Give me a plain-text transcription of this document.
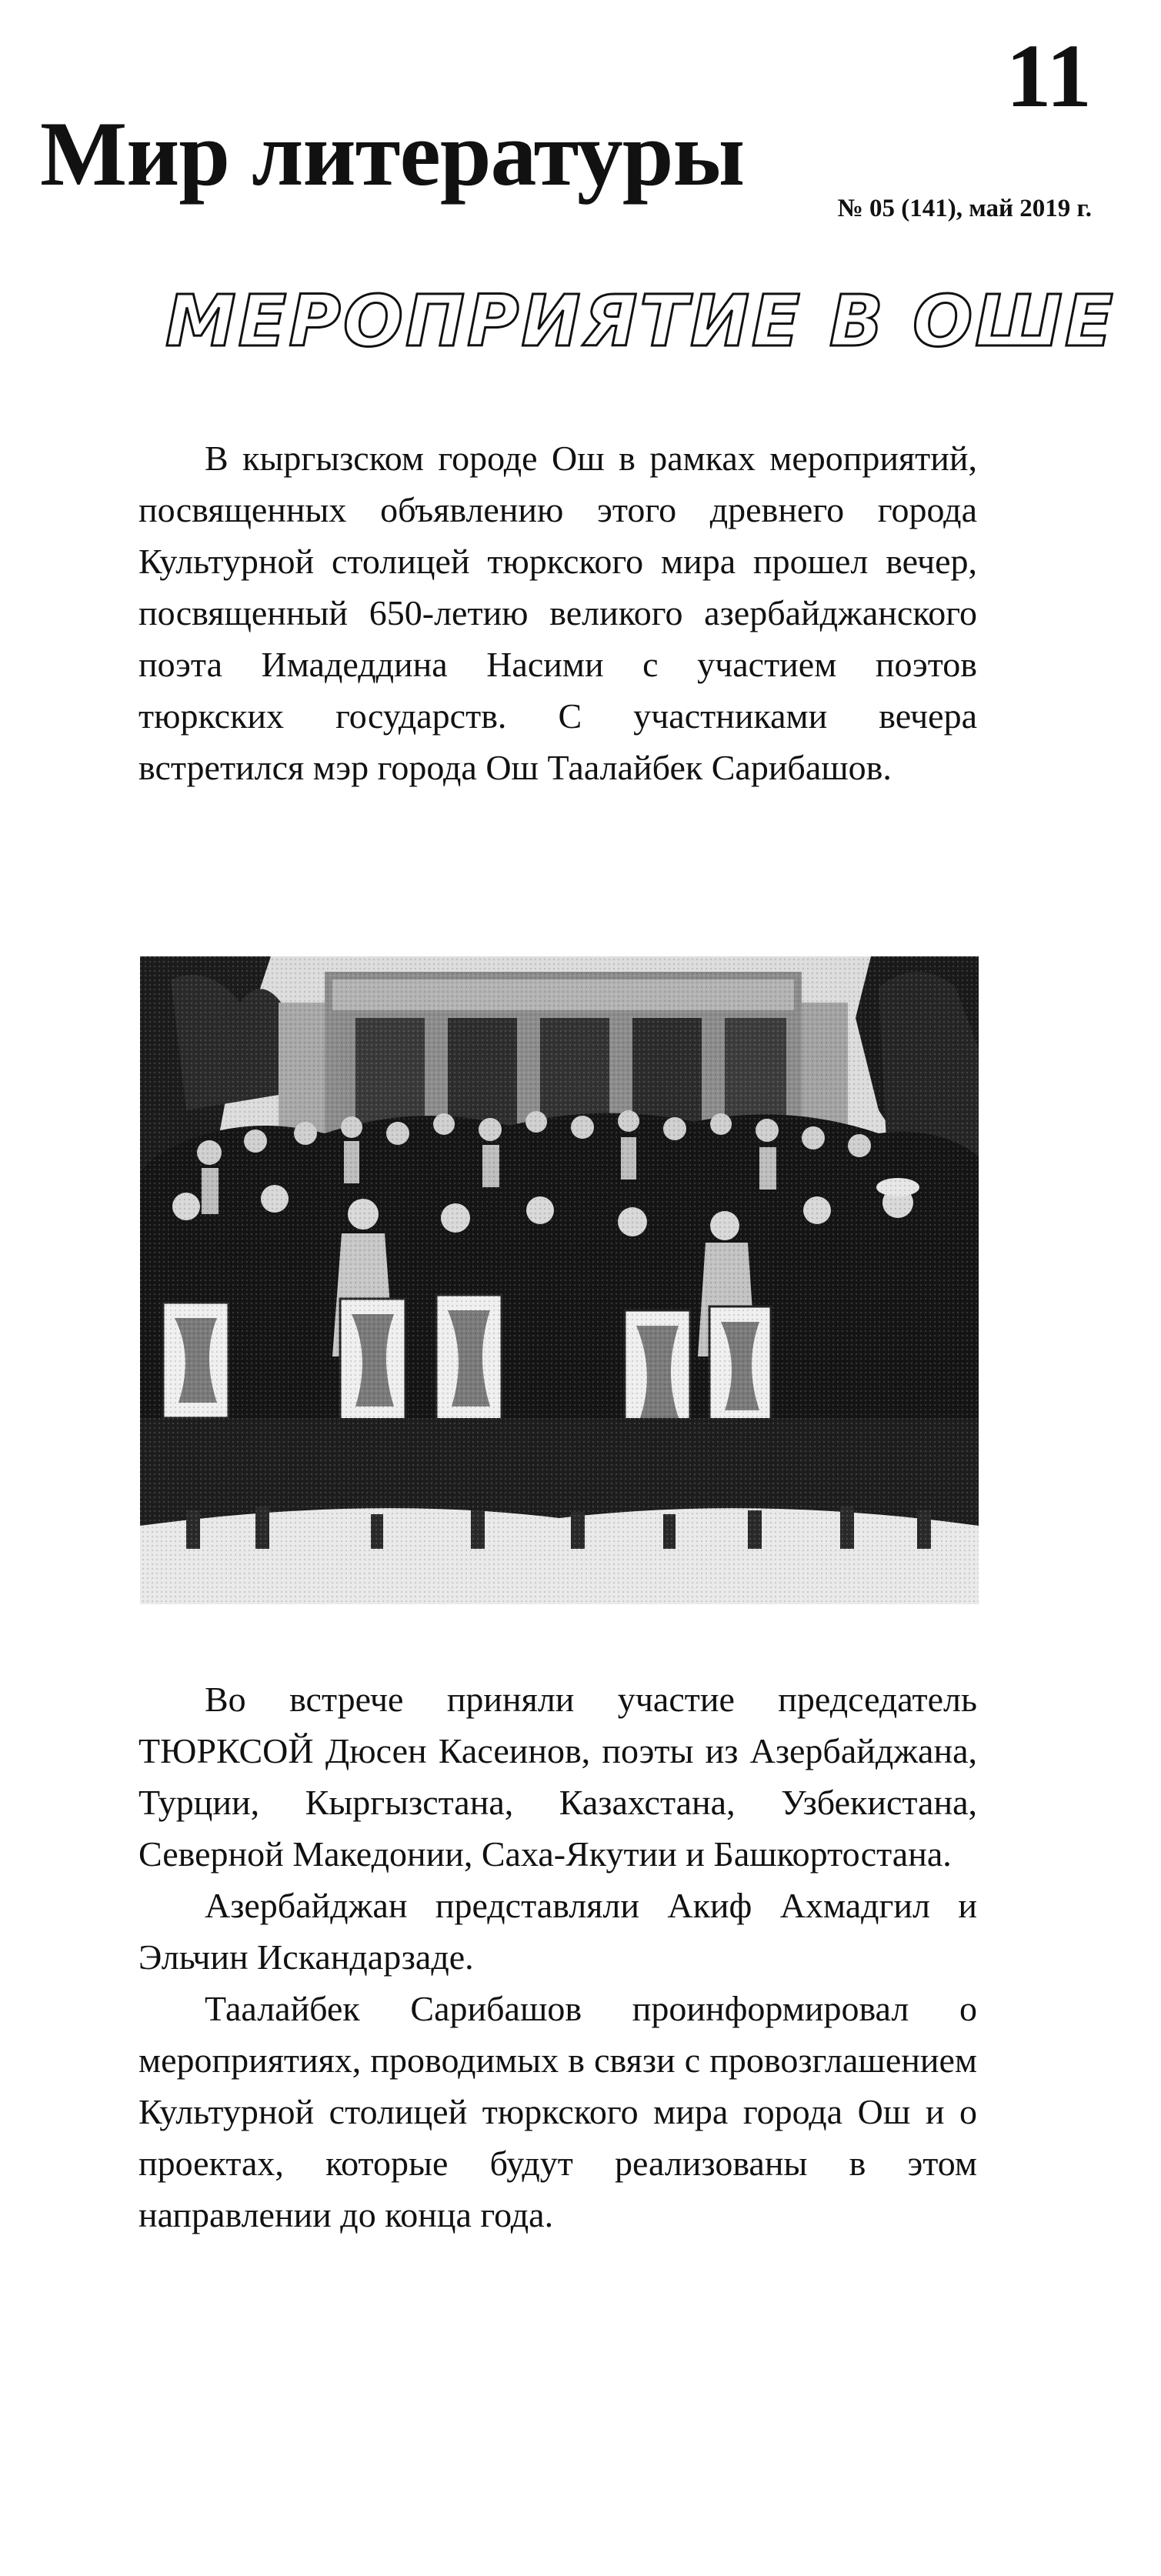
11
Мир литературы
№ 05 (141), май 2019 г.
МЕРОПРИЯТИЕ В ОШЕ

В кыргызском городе Ош в рамках мероприятий, посвященных объявлению этого древнего города Культурной столицей тюркского мира прошел вечер, посвященный 650-летию великого азербайджанского поэта Имадеддина Насими с участием поэтов тюркских государств. С участниками вечера встретился мэр города Ош Таалайбек Сарибашов.

Во встрече приняли участие председатель ТЮРКСОЙ Дюсен Касеинов, поэты из Азербайджана, Турции, Кыргызстана, Казахстана, Узбекистана, Северной Македонии, Саха-Якутии и Башкортостана.

Азербайджан представляли Акиф Ахмадгил и Эльчин Искандарзаде.

Таалайбек Сарибашов проинформировал о мероприятиях, проводимых в связи с провозглашением Культурной столицей тюркского мира города Ош и о проектах, которые будут реализованы в этом направлении до конца года.
